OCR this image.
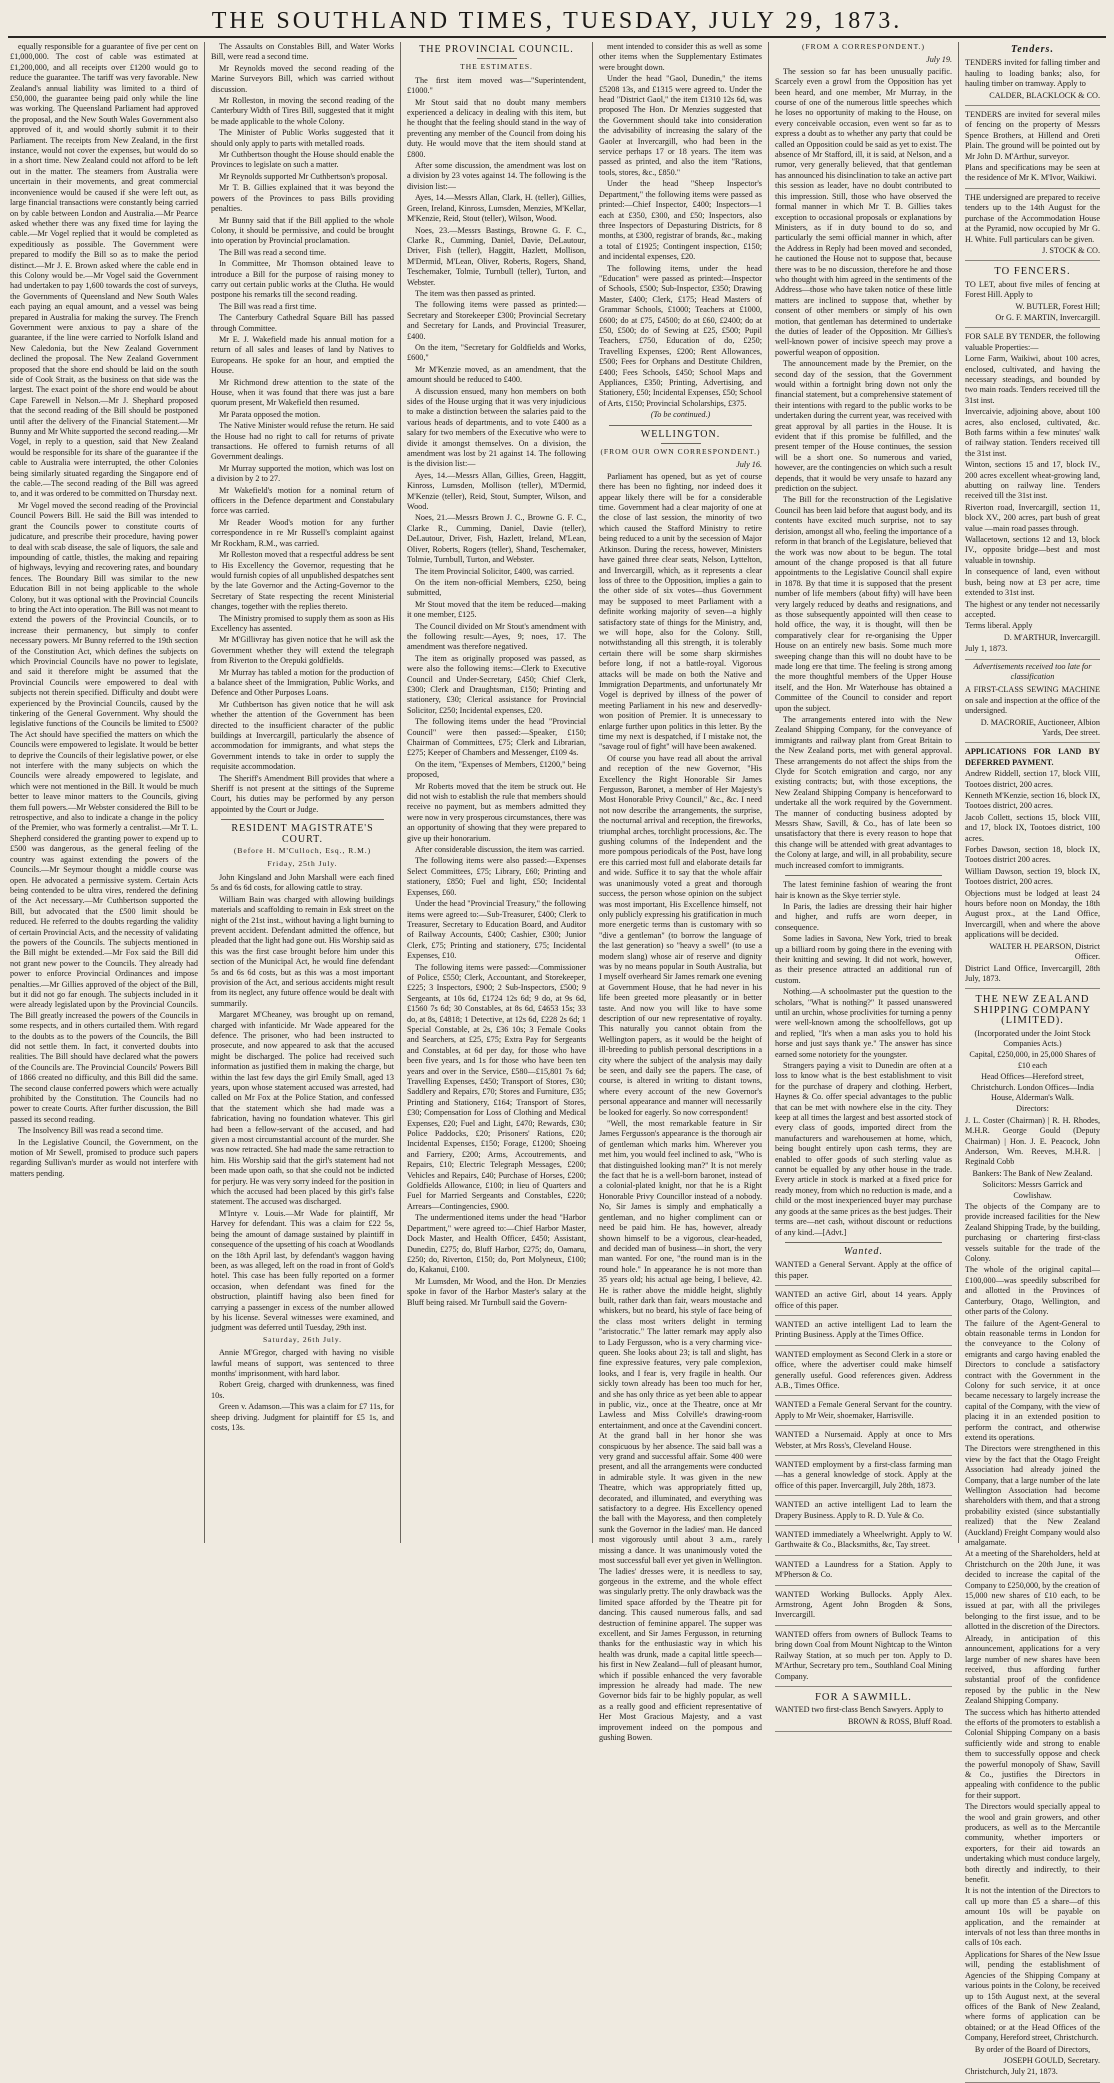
THE SOUTHLAND TIMES, TUESDAY, JULY 29, 1873.

equally responsible for a guarantee of five per cent on £1,000,000. The cost of cable was estimated at £1,200,000, and all receipts over £1200 would go to reduce the guarantee. The tariff was very favorable. New Zealand's annual liability was limited to a third of £50,000, the guarantee being paid only while the line was working. The Queensland Parliament had approved the proposal, and the New South Wales Government also approved of it, and would shortly submit it to their Parliament. The receipts from New Zealand, in the first instance, would not cover the expenses, but would do so in a short time. New Zealand could not afford to be left out in the matter. The steamers from Australia were uncertain in their movements, and great commercial inconvenience would be caused if she were left out, as large financial transactions were constantly being carried on by cable between London and Australia.—Mr Pearce asked whether there was any fixed time for laying the cable.—Mr Vogel replied that it would be completed as expeditiously as possible. The Government were prepared to modify the Bill so as to make the period distinct.—Mr J. E. Brown asked where the cable end in this Colony would be.—Mr Vogel said the Government had undertaken to pay 1,600 towards the cost of surveys, the Governments of Queensland and New South Wales each paying an equal amount, and a vessel was being prepared in Australia for making the survey. The French Government were anxious to pay a share of the guarantee, if the line were carried to Norfolk Island and New Caledonia, but the New Zealand Government declined the proposal. The New Zealand Government proposed that the shore end should be laid on the south side of Cook Strait, as the business on that side was the largest. The exact point of the shore end would be about Cape Farewell in Nelson.—Mr J. Shephard proposed that the second reading of the Bill should be postponed until after the delivery of the Financial Statement.—Mr Bunny and Mr White supported the second reading.—Mr Vogel, in reply to a question, said that New Zealand would be responsible for its share of the guarantee if the cable to Australia were interrupted, the other Colonies being similarly situated regarding the Singapore end of the cable.—The second reading of the Bill was agreed to, and it was ordered to be committed on Thursday next.

Mr Vogel moved the second reading of the Provincial Council Powers Bill. He said the Bill was intended to grant the Councils power to constitute courts of judicature, and prescribe their procedure, having power to deal with scab disease, the sale of liquors, the sale and impounding of cattle, thistles, the making and repairing of highways, levying and recovering rates, and boundary fences. The Boundary Bill was similar to the new Education Bill in not being applicable to the whole Colony, but it was optional with the Provincial Councils to bring the Act into operation. The Bill was not meant to extend the powers of the Provincial Councils, or to increase their permanency, but simply to confer necessary powers. Mr Bunny referred to the 19th section of the Constitution Act, which defines the subjects on which Provincial Councils have no power to legislate, and said it therefore might be assumed that the Provincial Councils were empowered to deal with subjects not therein specified. Difficulty and doubt were experienced by the Provincial Councils, caused by the tinkering of the General Government. Why should the legislative functions of the Councils be limited to £500? The Act should have specified the matters on which the Councils were empowered to legislate. It would be better to deprive the Councils of their legislative power, or else not interfere with the many subjects on which the Councils were already empowered to legislate, and which were not mentioned in the Bill. It would be much better to leave minor matters to the Councils, giving them full powers.—Mr Webster considered the Bill to be retrospective, and also to indicate a change in the policy of the Premier, who was formerly a centralist.—Mr T. L. Shepherd considered the granting power to expend up to £500 was dangerous, as the general feeling of the country was against extending the powers of the Councils.—Mr Seymour thought a middle course was open. He advocated a permissive system. Certain Acts being contended to be ultra vires, rendered the defining of the Act necessary.—Mr Cuthbertson supported the Bill, but advocated that the £500 limit should be reduced. He referred to the doubts regarding the validity of certain Provincial Acts, and the necessity of validating the powers of the Councils. The subjects mentioned in the Bill might be extended.—Mr Fox said the Bill did not grant new power to the Councils. They already had power to enforce Provincial Ordinances and impose penalties.—Mr Gillies approved of the object of the Bill, but it did not go far enough. The subjects included in it were already legislated upon by the Provincial Councils. The Bill greatly increased the powers of the Councils in some respects, and in others curtailed them. With regard to the doubts as to the powers of the Councils, the Bill did not settle them. In fact, it converted doubts into realities. The Bill should have declared what the powers of the Councils are. The Provincial Councils' Powers Bill of 1866 created no difficulty, and this Bill did the same. The second clause conferred powers which were actually prohibited by the Constitution. The Councils had no power to create Courts. After further discussion, the Bill passed its second reading.

The Insolvency Bill was read a second time.

In the Legislative Council, the Government, on the motion of Mr Sewell, promised to produce such papers regarding Sullivan's murder as would not interfere with matters pending.

The Assaults on Constables Bill, and Water Works Bill, were read a second time.

Mr Reynolds moved the second reading of the Marine Surveyors Bill, which was carried without discussion.

Mr Rolleston, in moving the second reading of the Canterbury Width of Tires Bill, suggested that it might be made applicable to the whole Colony.

The Minister of Public Works suggested that it should only apply to parts with metalled roads.

Mr Cuthbertson thought the House should enable the Provinces to legislate on such a matter.

Mr Reynolds supported Mr Cuthbertson's proposal.

Mr T. B. Gillies explained that it was beyond the powers of the Provinces to pass Bills providing penalties.

Mr Bunny said that if the Bill applied to the whole Colony, it should be permissive, and could be brought into operation by Provincial proclamation.

The Bill was read a second time.

In Committee, Mr Thomson obtained leave to introduce a Bill for the purpose of raising money to carry out certain public works at the Clutha. He would postpone his remarks till the second reading.

The Bill was read a first time.

The Canterbury Cathedral Square Bill has passed through Committee.

Mr E. J. Wakefield made his annual motion for a return of all sales and leases of land by Natives to Europeans. He spoke for an hour, and emptied the House.

Mr Richmond drew attention to the state of the House, when it was found that there was just a bare quorum present, Mr Wakefield then resumed.

Mr Parata opposed the motion.

The Native Minister would refuse the return. He said the House had no right to call for returns of private transactions. He offered to furnish returns of all Government dealings.

Mr Murray supported the motion, which was lost on a division by 2 to 27.

Mr Wakefield's motion for a nominal return of officers in the Defence department and Constabulary force was carried.

Mr Reader Wood's motion for any further correspondence in re Mr Russell's complaint against Mr Rockham, R.M., was carried.

Mr Rolleston moved that a respectful address be sent to His Excellency the Governor, requesting that he would furnish copies of all unpublished despatches sent by the late Governor and the Acting-Governor to the Secretary of State respecting the recent Ministerial changes, together with the replies thereto.

The Ministry promised to supply them as soon as His Excellency has assented.

Mr M'Gillivray has given notice that he will ask the Government whether they will extend the telegraph from Riverton to the Orepuki goldfields.

Mr Murray has tabled a motion for the production of a balance sheet of the Immigration, Public Works, and Defence and Other Purposes Loans.

Mr Cuthbertson has given notice that he will ask whether the attention of the Government has been directed to the insufficient character of the public buildings at Invercargill, particularly the absence of accommodation for immigrants, and what steps the Government intends to take in order to supply the requisite accommodation.

The Sheriff's Amendment Bill provides that where a Sheriff is not present at the sittings of the Supreme Court, his duties may be performed by any person appointed by the Court or Judge.

RESIDENT MAGISTRATE'S COURT.

(Before H. M'Culloch, Esq., R.M.)

Friday, 25th July.

John Kingsland and John Marshall were each fined 5s and 6s 6d costs, for allowing cattle to stray.

William Bain was charged with allowing buildings materials and scaffolding to remain in Esk street on the night of the 21st inst., without having a light burning to prevent accident. Defendant admitted the offence, but pleaded that the light had gone out. His Worship said as this was the first case brought before him under this section of the Municipal Act, he would fine defendant 5s and 6s 6d costs, but as this was a most important provision of the Act, and serious accidents might result from its neglect, any future offence would be dealt with summarily.

Margaret M'Cheaney, was brought up on remand, charged with infanticide. Mr Wade appeared for the defence. The prisoner, who had been instructed to prosecute, and now appeared to ask that the accused might be discharged. The police had received such information as justified them in making the charge, but within the last few days the girl Emily Small, aged 13 years, upon whose statement accused was arrested, had called on Mr Fox at the Police Station, and confessed that the statement which she had made was a fabrication, having no foundation whatever. This girl had been a fellow-servant of the accused, and had given a most circumstantial account of the murder. She was now retracted. She had made the same retraction to him. His Worship said that the girl's statement had not been made upon oath, so that she could not be indicted for perjury. He was very sorry indeed for the position in which the accused had been placed by this girl's false statement. The accused was discharged.

M'Intyre v. Louis.—Mr Wade for plaintiff, Mr Harvey for defendant. This was a claim for £22 5s, being the amount of damage sustained by plaintiff in consequence of the upsetting of his coach at Woodlands on the 18th April last, by defendant's waggon having been, as was alleged, left on the road in front of Gold's hotel. This case has been fully reported on a former occasion, when defendant was fined for the obstruction, plaintiff having also been fined for carrying a passenger in excess of the number allowed by his license. Several witnesses were examined, and judgment was deferred until Tuesday, 29th inst.

Saturday, 26th July.

Annie M'Gregor, charged with having no visible lawful means of support, was sentenced to three months' imprisonment, with hard labor.

Robert Greig, charged with drunkenness, was fined 10s.

Green v. Adamson.—This was a claim for £7 11s, for sheep driving. Judgment for plaintiff for £5 1s, and costs, 13s.

THE PROVINCIAL COUNCIL.

THE ESTIMATES.

The first item moved was—"Superintendent, £1000."

Mr Stout said that no doubt many members experienced a delicacy in dealing with this item, but he thought that the feeling should stand in the way of preventing any member of the Council from doing his duty. He would move that the item should stand at £800.

After some discussion, the amendment was lost on a division by 23 votes against 14. The following is the division list:—

Ayes, 14.—Messrs Allan, Clark, H. (teller), Gillies, Green, Ireland, Kinross, Lumsden, Menzies, M'Kellar, M'Kenzie, Reid, Stout (teller), Wilson, Wood.

Noes, 23.—Messrs Bastings, Browne G. F. C., Clarke R., Cumming, Daniel, Davie, DeLautour, Driver, Fish (teller), Haggitt, Hazlett, Mollison, M'Dermid, M'Lean, Oliver, Roberts, Rogers, Shand, Teschemaker, Tolmie, Turnbull (teller), Turton, and Webster.

The item was then passed as printed.

The following items were passed as printed:— Secretary and Storekeeper £300; Provincial Secretary and Secretary for Lands, and Provincial Treasurer, £400.

On the item, "Secretary for Goldfields and Works, £600,"

Mr M'Kenzie moved, as an amendment, that the amount should be reduced to £400.

A discussion ensued, many hon members on both sides of the House urging that it was very injudicious to make a distinction between the salaries paid to the various heads of departments, and to vote £400 as a salary for two members of the Executive who were to divide it amongst themselves. On a division, the amendment was lost by 21 against 14. The following is the division list:—

Ayes, 14.—Messrs Allan, Gillies, Green, Haggitt, Kinross, Lumsden, Mollison (teller), M'Dermid, M'Kenzie (teller), Reid, Stout, Sumpter, Wilson, and Wood.

Noes, 21.—Messrs Brown J. C., Browne G. F. C., Clarke R., Cumming, Daniel, Davie (teller), DeLautour, Driver, Fish, Hazlett, Ireland, M'Lean, Oliver, Roberts, Rogers (teller), Shand, Teschemaker, Tolmie, Turnbull, Turton, and Webster.

The item Provincial Solicitor, £400, was carried.

On the item non-official Members, £250, being submitted,

Mr Stout moved that the item be reduced—making it one member, £125.

The Council divided on Mr Stout's amendment with the following result:—Ayes, 9; noes, 17. The amendment was therefore negatived.

The item as originally proposed was passed, as were also the following items:—Clerk to Executive Council and Under-Secretary, £450; Chief Clerk, £300; Clerk and Draughtsman, £150; Printing and stationery, £30; Clerical assistance for Provincial Solicitor, £250; Incidental expenses, £20.

The following items under the head "Provincial Council" were then passed:—Speaker, £150; Chairman of Committees, £75; Clerk and Librarian, £275; Keeper of Chambers and Messenger, £109 4s.

On the item, "Expenses of Members, £1200," being proposed,

Mr Roberts moved that the item be struck out. He did not wish to establish the rule that members should receive no payment, but as members admitted they were now in very prosperous circumstances, there was an opportunity of showing that they were prepared to give up their honorarium.

After considerable discussion, the item was carried.

The following items were also passed:—Expenses Select Committees, £75; Library, £60; Printing and stationery, £850; Fuel and light, £50; Incidental Expenses, £60.

Under the head "Provincial Treasury," the following items were agreed to:—Sub-Treasurer, £400; Clerk to Treasurer, Secretary to Education Board, and Auditor of Railway Accounts, £400; Cashier, £300; Junior Clerk, £75; Printing and stationery, £75; Incidental Expenses, £10.

The following items were passed:—Commissioner of Police, £550; Clerk, Accountant, and Storekeeper, £225; 3 Inspectors, £900; 2 Sub-Inspectors, £500; 9 Sergeants, at 10s 6d, £1724 12s 6d; 9 do, at 9s 6d, £1560 7s 6d; 30 Constables, at 8s 6d, £4653 15s; 33 do, at 8s, £4818; 1 Detective, at 12s 6d, £228 2s 6d; 1 Special Constable, at 2s, £36 10s; 3 Female Cooks and Searchers, at £25, £75; Extra Pay for Sergeants and Constables, at 6d per day, for those who have been five years, and 1s for those who have been ten years and over in the Service, £580—£15,801 7s 6d; Travelling Expenses, £450; Transport of Stores, £30; Saddlery and Repairs, £70; Stores and Furniture, £35; Printing and Stationery, £164; Transport of Stores, £30; Compensation for Loss of Clothing and Medical Expenses, £20; Fuel and Light, £470; Rewards, £30; Police Paddocks, £20; Prisoners' Rations, £20; Incidental Expenses, £150; Forage, £1200; Shoeing and Farriery, £200; Arms, Accoutrements, and Repairs, £10; Electric Telegraph Messages, £200; Vehicles and Repairs, £40; Purchase of Horses, £200; Goldfields Allowance, £100; in lieu of Quarters and Fuel for Married Sergeants and Constables, £220; Arrears—Contingencies, £900.

The undermentioned items under the head "Harbor Department," were agreed to:—Chief Harbor Master, Dock Master, and Health Officer, £450; Assistant, Dunedin, £275; do, Bluff Harbor, £275; do, Oamaru, £250; do, Riverton, £150; do, Port Molyneux, £100; do, Kakanui, £100.

Mr Lumsden, Mr Wood, and the Hon. Dr Menzies spoke in favor of the Harbor Master's salary at the Bluff being raised. Mr Turnbull said the Govern-

ment intended to consider this as well as some other items when the Supplementary Estimates were brought down.

Under the head "Gaol, Dunedin," the items £5208 13s, and £1315 were agreed to. Under the head "District Gaol," the item £1310 12s 6d, was proposed The Hon. Dr Menzies suggested that the Government should take into consideration the advisability of increasing the salary of the Gaoler at Invercargill, who had been in the service perhaps 17 or 18 years. The item was passed as printed, and also the item "Rations, tools, stores, &c., £850."

Under the head "Sheep Inspector's Department," the following items were passed as printed:—Chief Inspector, £400; Inspectors—1 each at £350, £300, and £50; Inspectors, also three Inspectors of Depasturing Districts, for 8 months, at £300, registrar of brands, &c., making a total of £1925; Contingent inspection, £150; and incidental expenses, £20.

The following items, under the head "Education" were passed as printed:—Inspector of Schools, £500; Sub-Inspector, £350; Drawing Master, £400; Clerk, £175; Head Masters of Grammar Schools, £1000; Teachers at £1000, £600; do at £75, £4500; do at £60, £2400; do at £50, £500; do of Sewing at £25, £500; Pupil Teachers, £750, Education of do, £250; Travelling Expenses, £200; Rent Allowances, £500; Fees for Orphans and Destitute Children, £400; Fees Schools, £450; School Maps and Appliances, £350; Printing, Advertising, and Stationery, £50; Incidental Expenses, £50; School of Arts, £150; Provincial Scholarships, £375.

(To be continued.)

WELLINGTON.

(FROM OUR OWN CORRESPONDENT.)

July 16.

Parliament has opened, but as yet of course there has been no fighting, nor indeed does it appear likely there will be for a considerable time. Government had a clear majority of one at the close of last session, the minority of two which caused the Stafford Ministry to retire being reduced to a unit by the secession of Major Atkinson. During the recess, however, Ministers have gained three clear seats, Nelson, Lyttelton, and Invercargill, which, as it represents a clear loss of three to the Opposition, implies a gain to the other side of six votes—thus Government may be supposed to meet Parliament with a definite working majority of seven—a highly satisfactory state of things for the Ministry, and, we will hope, also for the Colony. Still, notwithstanding all this strength, it is tolerably certain there will be some sharp skirmishes before long, if not a battle-royal. Vigorous attacks will be made on both the Native and Immigration Departments, and unfortunately Mr Vogel is deprived by illness of the power of meeting Parliament in his new and deservedly-won position of Premier. It is unnecessary to enlarge further upon politics in this letter. By the time my next is despatched, if I mistake not, the "savage roul of fight" will have been awakened.

Of course you have read all about the arrival and reception of the new Governor, "His Excellency the Right Honorable Sir James Fergusson, Baronet, a member of Her Majesty's Most Honorable Privy Council," &c., &c. I need not now describe the arrangements, the surprise, the nocturnal arrival and reception, the fireworks, triumphal arches, torchlight processions, &c. The gushing columns of the Independent and the more pompous periodicals of the Post, have long ere this carried most full and elaborate details far and wide. Suffice it to say that the whole affair was unanimously voted a great and thorough success, the person whose opinion on the subject was most important, His Excellence himself, not only publicly expressing his gratification in much more energetic terms than is customary with so "dive a gentleman" (to borrow the language of the last generation) so "heavy a swell" (to use a modern slang) whose air of reserve and dignity was by no means popular in South Australia, but I myself overheard Sir James remark one evening at Government House, that he had never in his life been greeted more pleasantly or in better taste. And now you will like to have some description of our new representative of royalty. This naturally you cannot obtain from the Wellington papers, as it would be the height of ill-breeding to publish personal descriptions in a city where the subject of the analysis may daily be seen, and daily see the papers. The case, of course, is altered in writing to distant towns, where every account of the new Governor's personal appearance and manner will necessarily be looked for eagerly. So now correspondent!

"Well, the most remarkable feature in Sir James Fergusson's appearance is the thorough air of gentleman which marks him. Wherever you met him, you would feel inclined to ask, "Who is that distinguished looking man?" It is not merely the fact that he is a well-born baronet, instead of a colonial-plated knight, nor that he is a Right Honorable Privy Councillor instead of a nobody. No, Sir James is simply and emphatically a gentleman, and no higher compliment can or need be paid him. He has, however, already shown himself to be a vigorous, clear-headed, and decided man of business—in short, the very man wanted. For one, "the round man is in the round hole." In appearance he is not more than 35 years old; his actual age being, I believe, 42. He is rather above the middle height, slightly built, rather dark than fair, wears moustache and whiskers, but no beard, his style of face being of the class most writers delight in terming "aristocratic." The latter remark may apply also to Lady Fergusson, who is a very charming vice-queen. She looks about 23; is tall and slight, has fine expressive features, very pale complexion, looks, and I fear is, very fragile in health. Our sickly town already has been too much for her, and she has only thrice as yet been able to appear in public, viz., once at the Theatre, once at Mr Lawless and Miss Colville's drawing-room entertainment, and once at the Cavendini concert. At the grand ball in her honor she was conspicuous by her absence. The said ball was a very grand and successful affair. Some 400 were present, and all the arrangements were conducted in admirable style. It was given in the new Theatre, which was appropriately fitted up, decorated, and illuminated, and everything was satisfactory to a degree. His Excellency opened the ball with the Mayoress, and then completely sunk the Governor in the ladies' man. He danced most vigorously until about 3 a.m., rarely missing a dance. It was unanimously voted the most successful ball ever yet given in Wellington. The ladies' dresses were, it is needless to say, gorgeous in the extreme, and the whole effect was singularly pretty. The only drawback was the limited space afforded by the Theatre pit for dancing. This caused numerous falls, and sad destruction of feminine apparel. The supper was excellent, and Sir James Fergusson, in returning thanks for the enthusiastic way in which his health was drunk, made a capital little speech—his first in New Zealand—full of pleasant humor, which if possible enhanced the very favorable impression he already had made. The new Governor bids fair to be highly popular, as well as a really good and efficient representative of Her Most Gracious Majesty, and a vast improvement indeed on the pompous and gushing Bowen.

(FROM A CORRESPONDENT.)

July 19.

The session so far has been unusually pacific. Scarcely even a growl from the Opposition has yet been heard, and one member, Mr Murray, in the course of one of the numerous little speeches which he loses no opportunity of making to the House, on every conceivable occasion, even went so far as to express a doubt as to whether any party that could be called an Opposition could be said as yet to exist. The absence of Mr Stafford, ill, it is said, at Nelson, and a rumor, very generally believed, that that gentleman has announced his disinclination to take an active part this session as leader, have no doubt contributed to this impression. Still, those who have observed the formal manner in which Mr T. B. Gillies takes exception to occasional proposals or explanations by Ministers, as if in duty bound to do so, and particularly the semi official manner in which, after the Address in Reply had been moved and seconded, he cautioned the House not to suppose that, because there was to be no discussion, therefore he and those who thought with him agreed in the sentiments of the Address—those who have taken notice of these little matters are inclined to suppose that, whether by consent of other members or simply of his own motion, that gentleman has determined to undertake the duties of leader of the Opposition. Mr Gillies's well-known power of incisive speech may prove a powerful weapon of opposition.

The announcement made by the Premier, on the second day of the session, that the Government would within a fortnight bring down not only the financial statement, but a comprehensive statement of their intentions with regard to the public works to be undertaken during the current year, was received with great approval by all parties in the House. It is evident that if this promise be fulfilled, and the present temper of the House continues, the session will be a short one. So numerous and varied, however, are the contingencies on which such a result depends, that it would be very unsafe to hazard any prediction on the subject.

The Bill for the reconstruction of the Legislative Council has been laid before that august body, and its contents have excited much surprise, not to say derision, amongst all who, feeling the importance of a reform in that branch of the Legislature, believed that the work was now about to be begun. The total amount of the change proposed is that all future appointments to the Legislative Council shall expire in 1878. By that time it is supposed that the present number of life members (about fifty) will have been very largely reduced by deaths and resignations, and as those subsequently appointed will then cease to hold office, the way, it is thought, will then be comparatively clear for re-organising the Upper House on an entirely new basis. Some much more sweeping change than this will no doubt have to be made long ere that time. The feeling is strong among the more thoughtful members of the Upper House itself, and the Hon. Mr Waterhouse has obtained a Committee of the Council to consider and report upon the subject.

The arrangements entered into with the New Zealand Shipping Company, for the conveyance of immigrants and railway plant from Great Britain to the New Zealand ports, met with general approval. These arrangements do not affect the ships from the Clyde for Scotch emigration and cargo, nor any existing contracts; but, with those exceptions, the New Zealand Shipping Company is henceforward to undertake all the work required by the Government. The manner of conducting business adopted by Messrs Shaw, Savill, & Co., has of late been so unsatisfactory that there is every reason to hope that this change will be attended with great advantages to the Colony at large, and will, in all probability, secure much increased comfort to immigrants.

The latest feminine fashion of wearing the front hair is known as the Skye terrier style.

In Paris, the ladies are dressing their hair higher and higher, and ruffs are worn deeper, in consequence.

Some ladies in Savona, New York, tried to break up a billiard room by going there in the evening with their knitting and sewing. It did not work, however, as their presence attracted an additional run of custom.

Nothing.—A schoolmaster put the question to the scholars, "What is nothing?" It passed unanswered until an urchin, whose proclivities for turning a penny were well-known among the schoolfellows, got up and replied, "It's when a man asks you to hold his horse and just says thank ye." The answer has since earned some notoriety for the youngster.

Strangers paying a visit to Dunedin are often at a loss to know what is the best establishment to visit for the purchase of drapery and clothing. Herbert, Haynes & Co. offer special advantages to the public that can be met with nowhere else in the city. They keep at all times the largest and best assorted stock of every class of goods, imported direct from the manufacturers and warehousemen at home, which, being bought entirely upon cash terms, they are enabled to offer goods of such sterling value as cannot be equalled by any other house in the trade. Every article in stock is marked at a fixed price for ready money, from which no reduction is made, and a child or the most inexperienced buyer may purchase any goods at the same prices as the best judges. Their terms are—net cash, without discount or reductions of any kind.—[Advt.]

Wanted.

WANTED a General Servant. Apply at the office of this paper.

WANTED an active Girl, about 14 years. Apply office of this paper.

WANTED an active intelligent Lad to learn the Printing Business. Apply at the Times Office.

WANTED employment as Second Clerk in a store or office, where the advertiser could make himself generally useful. Good references given. Address A.B., Times Office.

WANTED a Female General Servant for the country. Apply to Mr Weir, shoemaker, Harrisville.

WANTED a Nursemaid. Apply at once to Mrs Webster, at Mrs Ross's, Cleveland House.

WANTED employment by a first-class farming man—has a general knowledge of stock. Apply at the office of this paper. Invercargill, July 28th, 1873.

WANTED an active intelligent Lad to learn the Drapery Business. Apply to R. D. Yule & Co.

WANTED immediately a Wheelwright. Apply to W. Garthwaite & Co., Blacksmiths, &c, Tay street.

WANTED a Laundress for a Station. Apply to M'Pherson & Co.

WANTED Working Bullocks. Apply Alex. Armstrong, Agent John Brogden & Sons, Invercargill.

WANTED offers from owners of Bullock Teams to bring down Coal from Mount Nightcap to the Winton Railway Station, at so much per ton. Apply to D. M'Arthur, Secretary pro tem., Southland Coal Mining Company.

FOR A SAWMILL.

WANTED two first-class Bench Sawyers. Apply to

BROWN & ROSS, Bluff Road.

Tenders.

TENDERS invited for falling timber and hauling to loading banks; also, for hauling timber on tramway. Apply to

CALDER, BLACKLOCK & CO.

TENDERS are invited for several miles of fencing on the property of Messrs Spence Brothers, at Hillend and Oreti Plain. The ground will be pointed out by Mr John D. M'Arthur, surveyor.

Plans and specifications may be seen at the residence of Mr K. M'Ivor, Waikiwi.

THE undersigned are prepared to receive tenders up to the 14th August for the purchase of the Accommodation House at the Pyramid, now occupied by Mr G. H. White. Full particulars can be given.

J. STOCK & CO.

TO FENCERS.

TO LET, about five miles of fencing at Forest Hill. Apply to

W. BUTLER, Forest Hill;

Or G. F. MARTIN, Invercargill.

FOR SALE BY TENDER, the following valuable Properties:—

Lorne Farm, Waikiwi, about 100 acres, enclosed, cultivated, and having the necessary steadings, and bounded by two main roads. Tenders received till the 31st inst.

Invercaivie, adjoining above, about 100 acres, also enclosed, cultivated, &c. Both farms within a few minutes' walk of railway station. Tenders received till the 31st inst.

Winton, sections 15 and 17, block IV., 200 acres excellent wheat-growing land, abutting on railway line. Tenders received till the 31st inst.

Riverton road, Invercargill, section 11, block XV., 200 acres, part bush of great value —main road passes through.

Wallacetown, sections 12 and 13, block IV., opposite bridge—best and most valuable in township.

In consequence of land, even without bush, being now at £3 per acre, time extended to 31st inst.

The highest or any tender not necessarily accepted.

Terms liberal. Apply

D. M'ARTHUR, Invercargill.

July 1, 1873.

Advertisements received too late for classification

A FIRST-CLASS SEWING MACHINE on sale and inspection at the office of the undersigned.

D. MACRORIE, Auctioneer, Albion Yards, Dee street.

APPLICATIONS FOR LAND BY DEFERRED PAYMENT.

Andrew Riddell, section 17, block VIII, Tootoes district, 200 acres.

Kenneth M'Kenzie, section 16, block IX, Tootoes district, 200 acres.

Jacob Collett, sections 15, block VIII, and 17, block IX, Tootoes district, 100 acres.

Forbes Dawson, section 18, block IX, Tootoes district 200 acres.

William Dawson, section 19, block IX, Tootoes district, 200 acres.

Objections must be lodged at least 24 hours before noon on Monday, the 18th August prox., at the Land Office, Invercargill, when and where the above applications will be decided.

WALTER H. PEARSON, District Officer.

District Land Office, Invercargill, 28th July, 1873.

THE NEW ZEALAND SHIPPING COMPANY (LIMITED).

(Incorporated under the Joint Stock Companies Acts.)

Capital, £250,000, in 25,000 Shares of £10 each

Head Offices—Hereford street, Christchurch. London Offices—India House, Alderman's Walk.

Directors:

J. L. Coster (Chairman) | R. H. Rhodes, M.H.R. George Gould (Deputy Chairman) | Hon. J. E. Peacock, John Anderson, Wm. Reeves, M.H.R. | Reginald Cobb

Bankers: The Bank of New Zealand.

Solicitors: Messrs Garrick and Cowlishaw.

The objects of the Company are to provide increased facilities for the New Zealand Shipping Trade, by the building, purchasing or chartering first-class vessels suitable for the trade of the Colony.

The whole of the original capital—£100,000—was speedily subscribed for and allotted in the Provinces of Canterbury, Otago, Wellington, and other parts of the Colony.

The failure of the Agent-General to obtain reasonable terms in London for the conveyance to the Colony of emigrants and cargo having enabled the Directors to conclude a satisfactory contract with the Government in the Colony for such service, it at once became necessary to largely increase the capital of the Company, with the view of placing it in an extended position to perform the contract, and otherwise extend its operations.

The Directors were strengthened in this view by the fact that the Otago Freight Association had already joined the Company, that a large number of the late Wellington Association had become shareholders with them, and that a strong probability existed (since substantially realized) that the New Zealand (Auckland) Freight Company would also amalgamate.

At a meeting of the Shareholders, held at Christchurch on the 20th June, it was decided to increase the capital of the Company to £250,000, by the creation of 15,000 new shares of £10 each, to be issued at par, with all the privileges belonging to the first issue, and to be allotted in the discretion of the Directors.

Already, in anticipation of this announcement, applications for a very large number of new shares have been received, thus affording further substantial proof of the confidence reposed by the public in the New Zealand Shipping Company.

The success which has hitherto attended the efforts of the promoters to establish a Colonial Shipping Company on a basis sufficiently wide and strong to enable them to successfully oppose and check the powerful monopoly of Shaw, Savill & Co., justifies the Directors in appealing with confidence to the public for their support.

The Directors would specially appeal to the wool and grain growers, and other producers, as well as to the Mercantile community, whether importers or exporters, for their aid towards an undertaking which must conduce largely, both directly and indirectly, to their benefit.

It is not the intention of the Directors to call up more than £5 a share—of this amount 10s will be payable on application, and the remainder at intervals of not less than three months in calls of 10s each.

Applications for Shares of the New Issue will, pending the establishment of Agencies of the Shipping Company at various points in the Colony, be received up to 15th August next, at the several offices of the Bank of New Zealand, where forms of application can be obtained; or at the Head Offices of the Company, Hereford street, Christchurch.

By order of the Board of Directors,

JOSEPH GOULD, Secretary.

Christchurch, July 21, 1873.
